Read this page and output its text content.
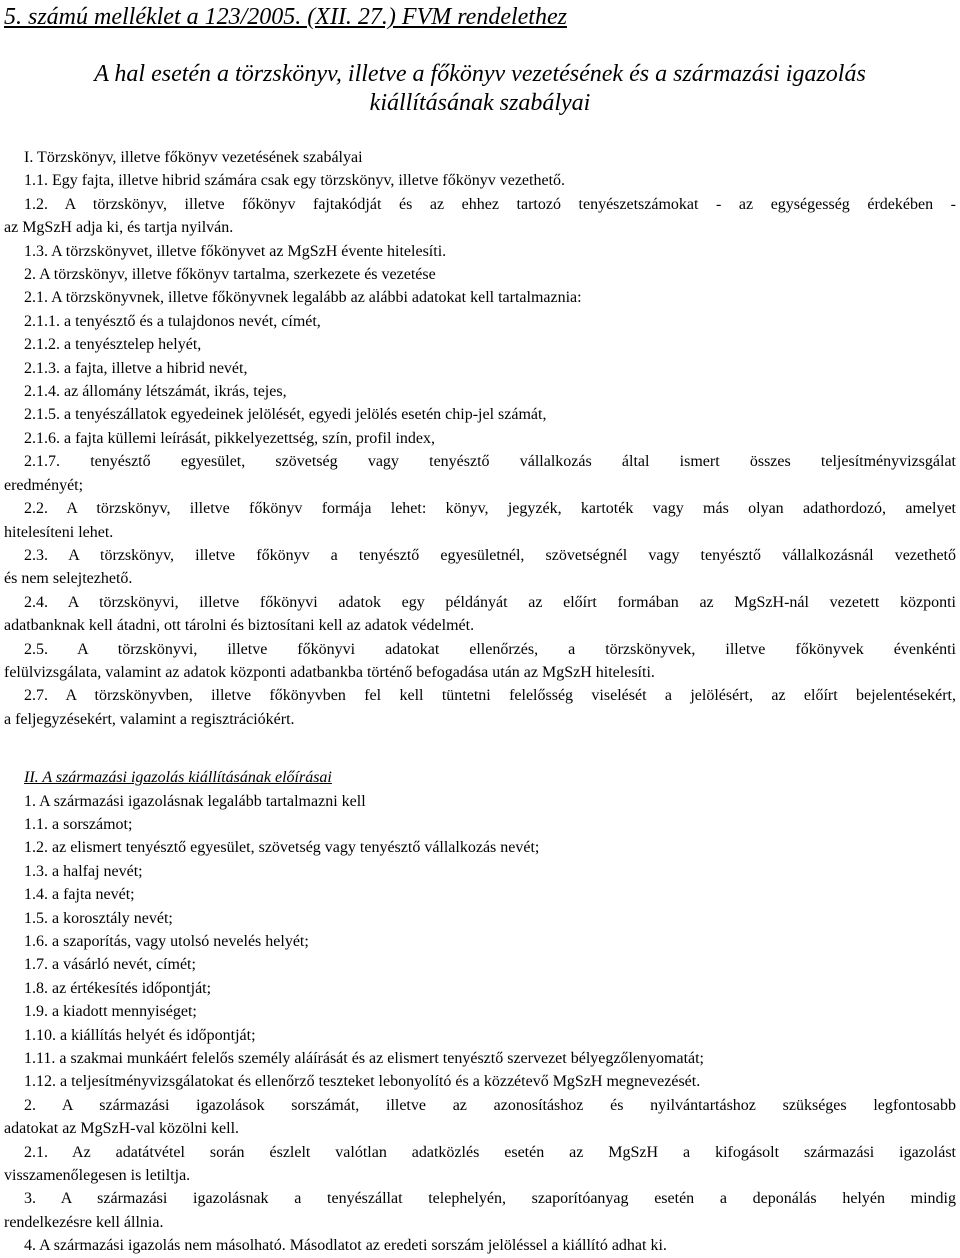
5. számú melléklet a 123/2005. (XII. 27.) FVM rendelethez
A hal esetén a törzskönyv, illetve a főkönyv vezetésének és a származási igazolás
kiállításának szabályai

I. Törzskönyv, illetve főkönyv vezetésének szabályai

1.1. Egy fajta, illetve hibrid számára csak egy törzskönyv, illetve főkönyv vezethető.

1.2. A törzskönyv, illetve főkönyv fajtakódját és az ehhez tartozó tenyészetszámokat - az egységesség érdekében -

az MgSzH adja ki, és tartja nyilván.

1.3. A törzskönyvet, illetve főkönyvet az MgSzH évente hitelesíti.

2. A törzskönyv, illetve főkönyv tartalma, szerkezete és vezetése

2.1. A törzskönyvnek, illetve főkönyvnek legalább az alábbi adatokat kell tartalmaznia:

2.1.1. a tenyésztő és a tulajdonos nevét, címét,

2.1.2. a tenyésztelep helyét,

2.1.3. a fajta, illetve a hibrid nevét,

2.1.4. az állomány létszámát, ikrás, tejes,

2.1.5. a tenyészállatok egyedeinek jelölését, egyedi jelölés esetén chip-jel számát,

2.1.6. a fajta küllemi leírását, pikkelyezettség, szín, profil index,

2.1.7. tenyésztő egyesület, szövetség vagy tenyésztő vállalkozás által ismert összes teljesítményvizsgálat

eredményét;

2.2. A törzskönyv, illetve főkönyv formája lehet: könyv, jegyzék, kartoték vagy más olyan adathordozó, amelyet

hitelesíteni lehet.

2.3. A törzskönyv, illetve főkönyv a tenyésztő egyesületnél, szövetségnél vagy tenyésztő vállalkozásnál vezethető

és nem selejtezhető.

2.4. A törzskönyvi, illetve főkönyvi adatok egy példányát az előírt formában az MgSzH-nál vezetett központi

adatbanknak kell átadni, ott tárolni és biztosítani kell az adatok védelmét.

2.5. A törzskönyvi, illetve főkönyvi adatokat ellenőrzés, a törzskönyvek, illetve főkönyvek évenkénti

felülvizsgálata, valamint az adatok központi adatbankba történő befogadása után az MgSzH hitelesíti.

2.7. A törzskönyvben, illetve főkönyvben fel kell tüntetni felelősség viselését a jelölésért, az előírt bejelentésekért,

a feljegyzésekért, valamint a regisztrációkért.

II. A származási igazolás kiállításának előírásai

1. A származási igazolásnak legalább tartalmazni kell

1.1. a sorszámot;

1.2. az elismert tenyésztő egyesület, szövetség vagy tenyésztő vállalkozás nevét;

1.3. a halfaj nevét;

1.4. a fajta nevét;

1.5. a korosztály nevét;

1.6. a szaporítás, vagy utolsó nevelés helyét;

1.7. a vásárló nevét, címét;

1.8. az értékesítés időpontját;

1.9. a kiadott mennyiséget;

1.10. a kiállítás helyét és időpontját;

1.11. a szakmai munkáért felelős személy aláírását és az elismert tenyésztő szervezet bélyegzőlenyomatát;

1.12. a teljesítményvizsgálatokat és ellenőrző teszteket lebonyolító és a közzétevő MgSzH megnevezését.

2. A származási igazolások sorszámát, illetve az azonosításhoz és nyilvántartáshoz szükséges legfontosabb

adatokat az MgSzH-val közölni kell.

2.1. Az adatátvétel során észlelt valótlan adatközlés esetén az MgSzH a kifogásolt származási igazolást

visszamenőlegesen is letiltja.

3. A származási igazolásnak a tenyészállat telephelyén, szaporítóanyag esetén a deponálás helyén mindig

rendelkezésre kell állnia.

4. A származási igazolás nem másolható. Másodlatot az eredeti sorszám jelöléssel a kiállító adhat ki.
